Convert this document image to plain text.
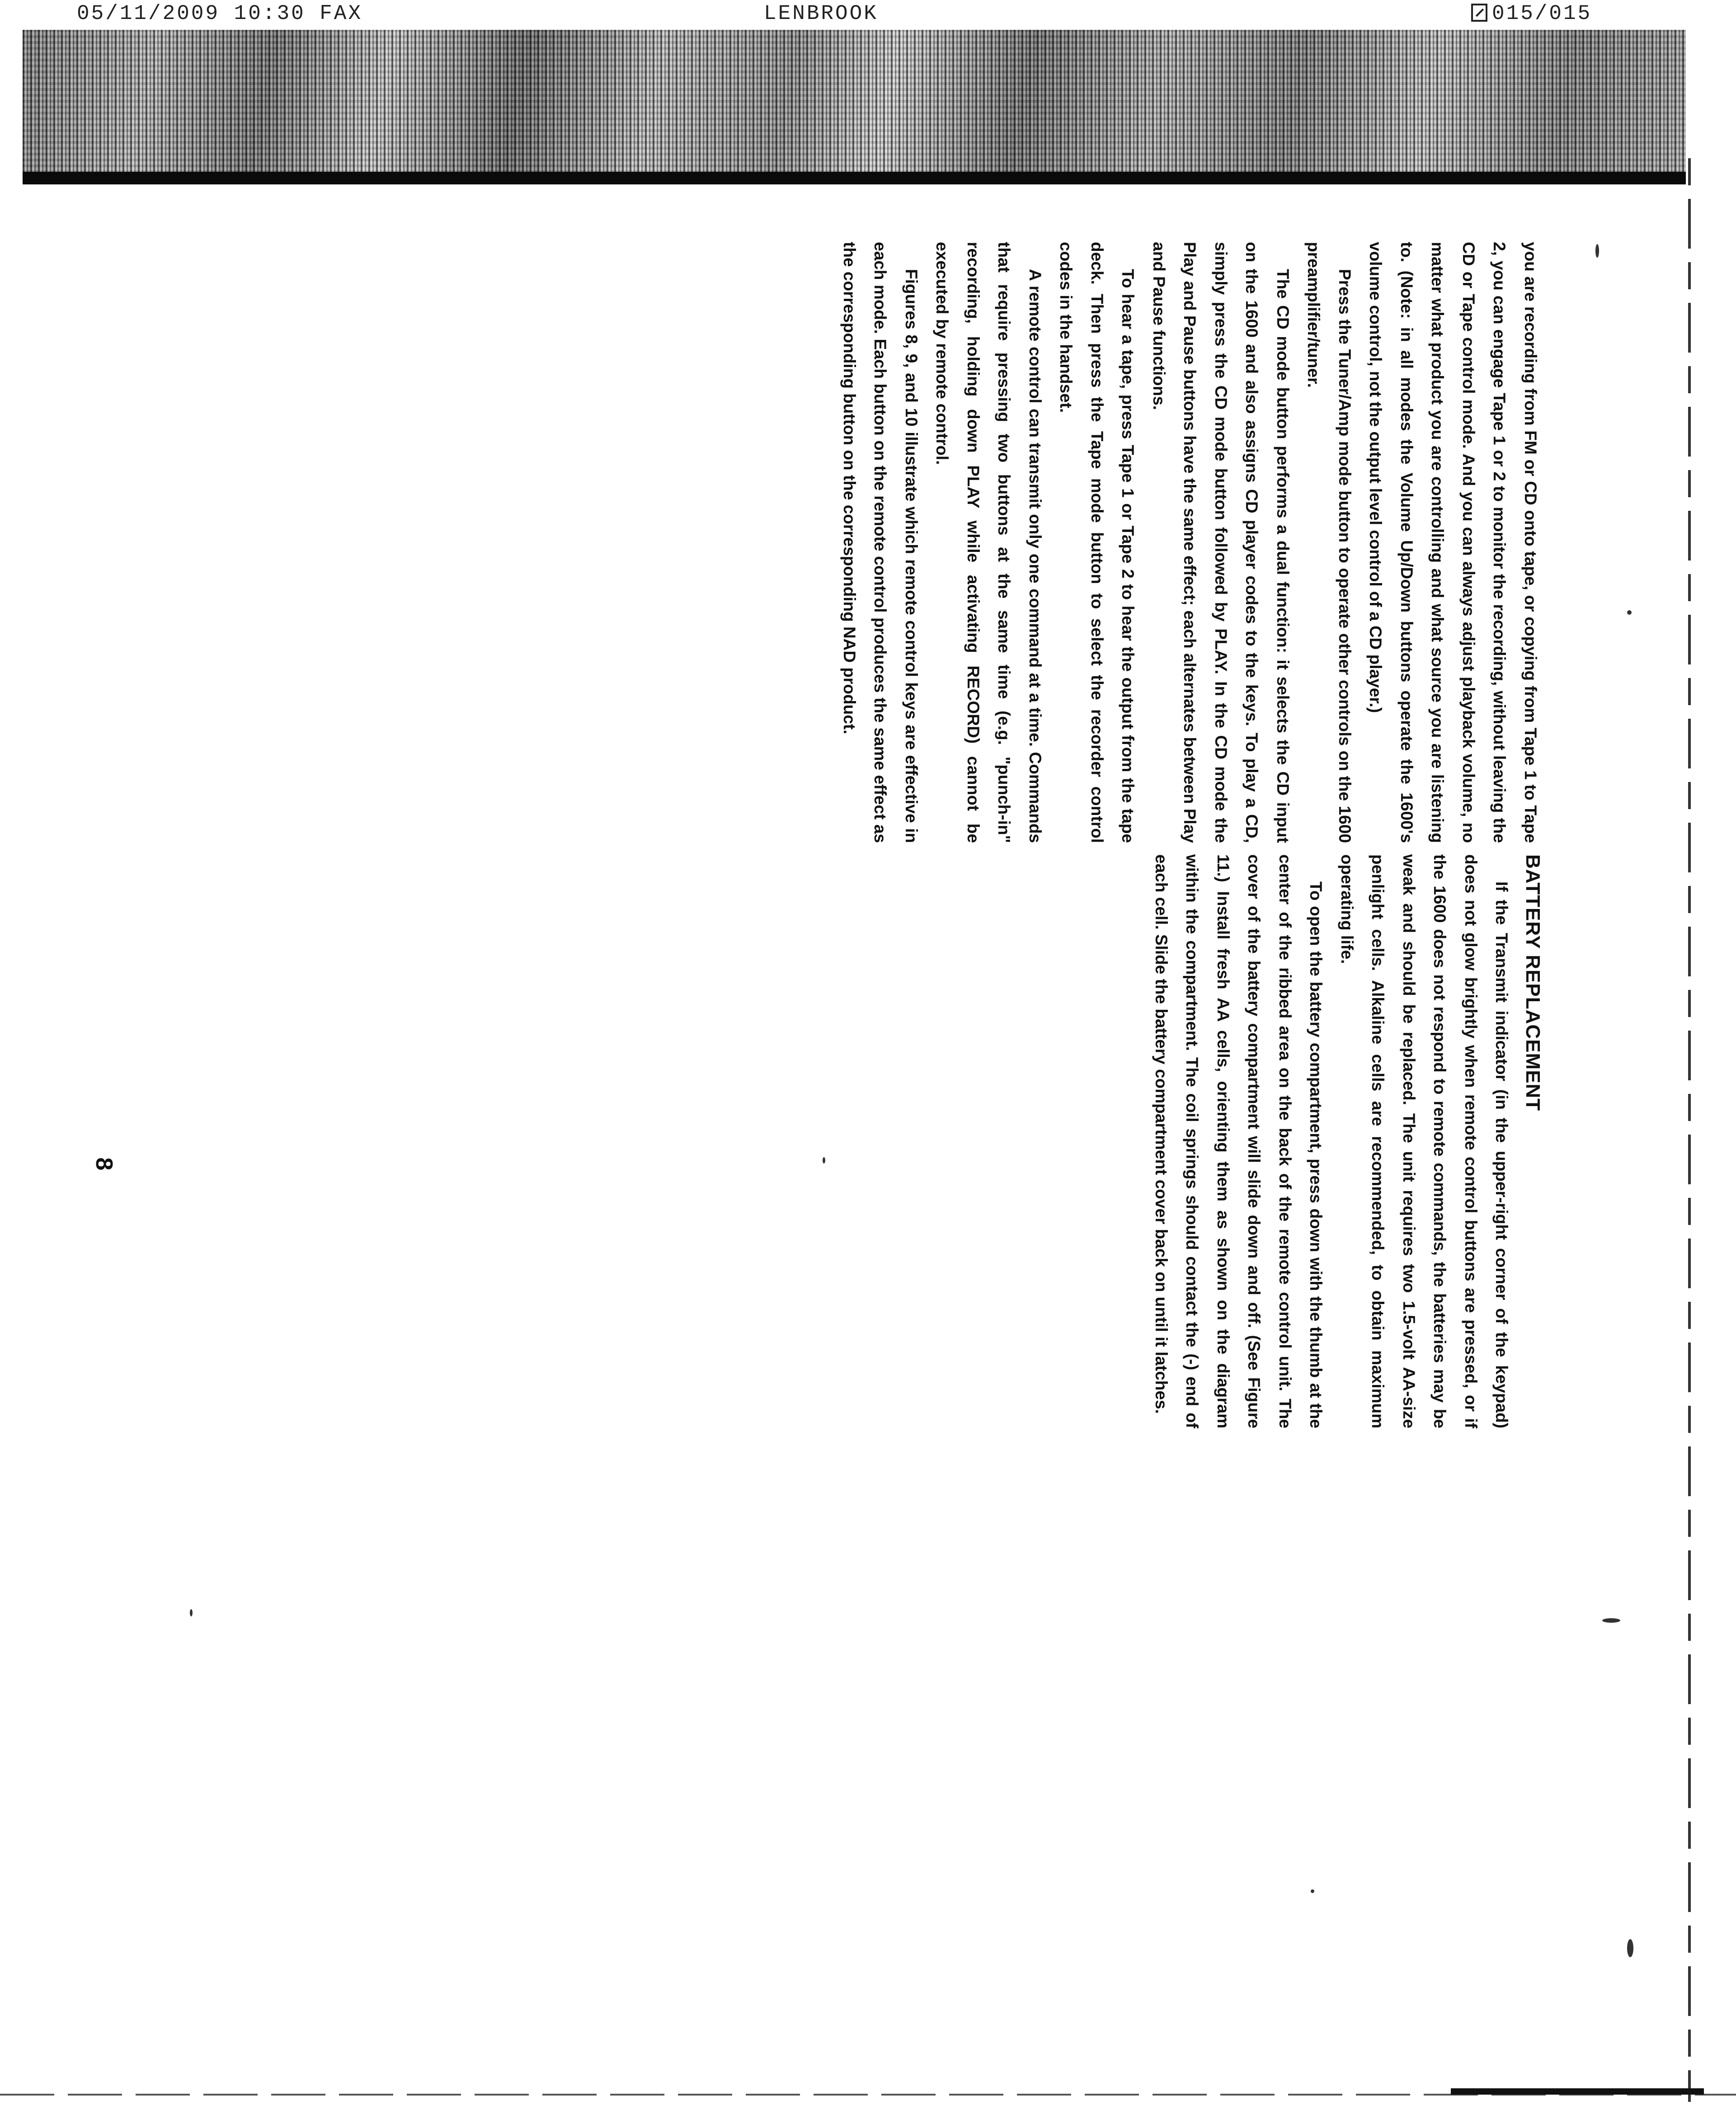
05/11/2009 10:30 FAX	LENBROOK	015/015

you are recording from FM or CD onto tape, or copying from Tape 1 to Tape 2, you can engage Tape 1 or 2 to monitor the recording, without leaving the CD or Tape control mode. And you can always adjust playback volume, no matter what product you are controlling and what source you are listening to. (Note: in all modes the Volume Up/Down buttons operate the 1600's volume control, not the output level control of a CD player.)

Press the Tuner/Amp mode button to operate other controls on the 1600 preamplifier/tuner.

The CD mode button performs a dual function: it selects the CD input on the 1600 and also assigns CD player codes to the keys. To play a CD, simply press the CD mode button followed by PLAY. In the CD mode the Play and Pause buttons have the same effect; each alternates between Play and Pause functions.

To hear a tape, press Tape 1 or Tape 2 to hear the output from the tape deck. Then press the Tape mode button to select the recorder control codes in the handset.

A remote control can transmit only one command at a time. Commands that require pressing two buttons at the same time (e.g. "punch-in" recording, holding down PLAY while activating RECORD) cannot be executed by remote control.

Figures 8, 9, and 10 illustrate which remote control keys are effective in each mode. Each button on the remote control produces the same effect as the corresponding button on the corresponding NAD product.

BATTERY REPLACEMENT

If the Transmit indicator (in the upper-right corner of the keypad) does not glow brightly when remote control buttons are pressed, or if the 1600 does not respond to remote commands, the batteries may be weak and should be replaced. The unit requires two 1.5-volt AA-size penlight cells. Alkaline cells are recommended, to obtain maximum operating life.

To open the battery compartment, press down with the thumb at the center of the ribbed area on the back of the remote control unit. The cover of the battery compartment will slide down and off. (See Figure 11.) Install fresh AA cells, orienting them as shown on the diagram within the compartment. The coil springs should contact the (-) end of each cell. Slide the battery compartment cover back on until it latches.

8
